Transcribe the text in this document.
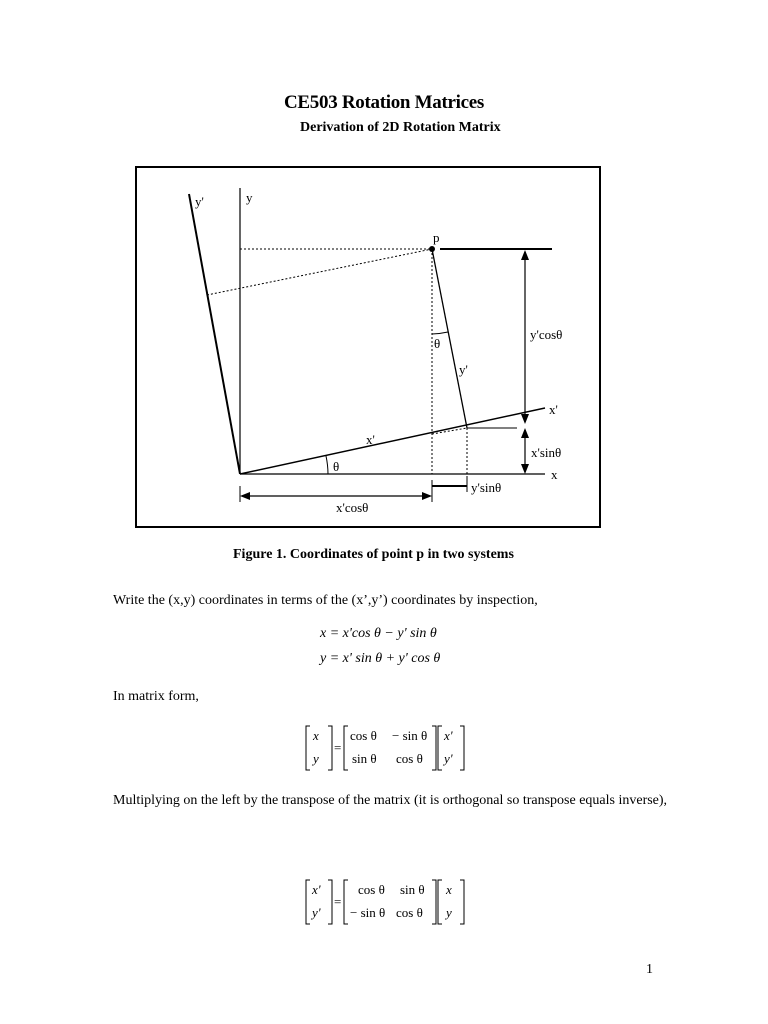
CE503 Rotation Matrices
Derivation of 2D Rotation Matrix
y'	y
p
θ
y'
y'cosθ
x'
x'
x'sinθ
x
θ
y'sinθ
x'cosθ
Figure 1. Coordinates of point p in two systems
Write the (x,y) coordinates in terms of the (x’,y’) coordinates by inspection,
x = x'cos θ − y' sin θ
y = x' sin θ + y' cos θ
In matrix form,
x
y
=
cos θ − sin θ
sin θ cos θ
x'
y'
Multiplying on the left by the transpose of the matrix (it is orthogonal so transpose equals inverse),
x'
y'
=
cos θ sin θ
− sin θ cos θ
x
y
1
